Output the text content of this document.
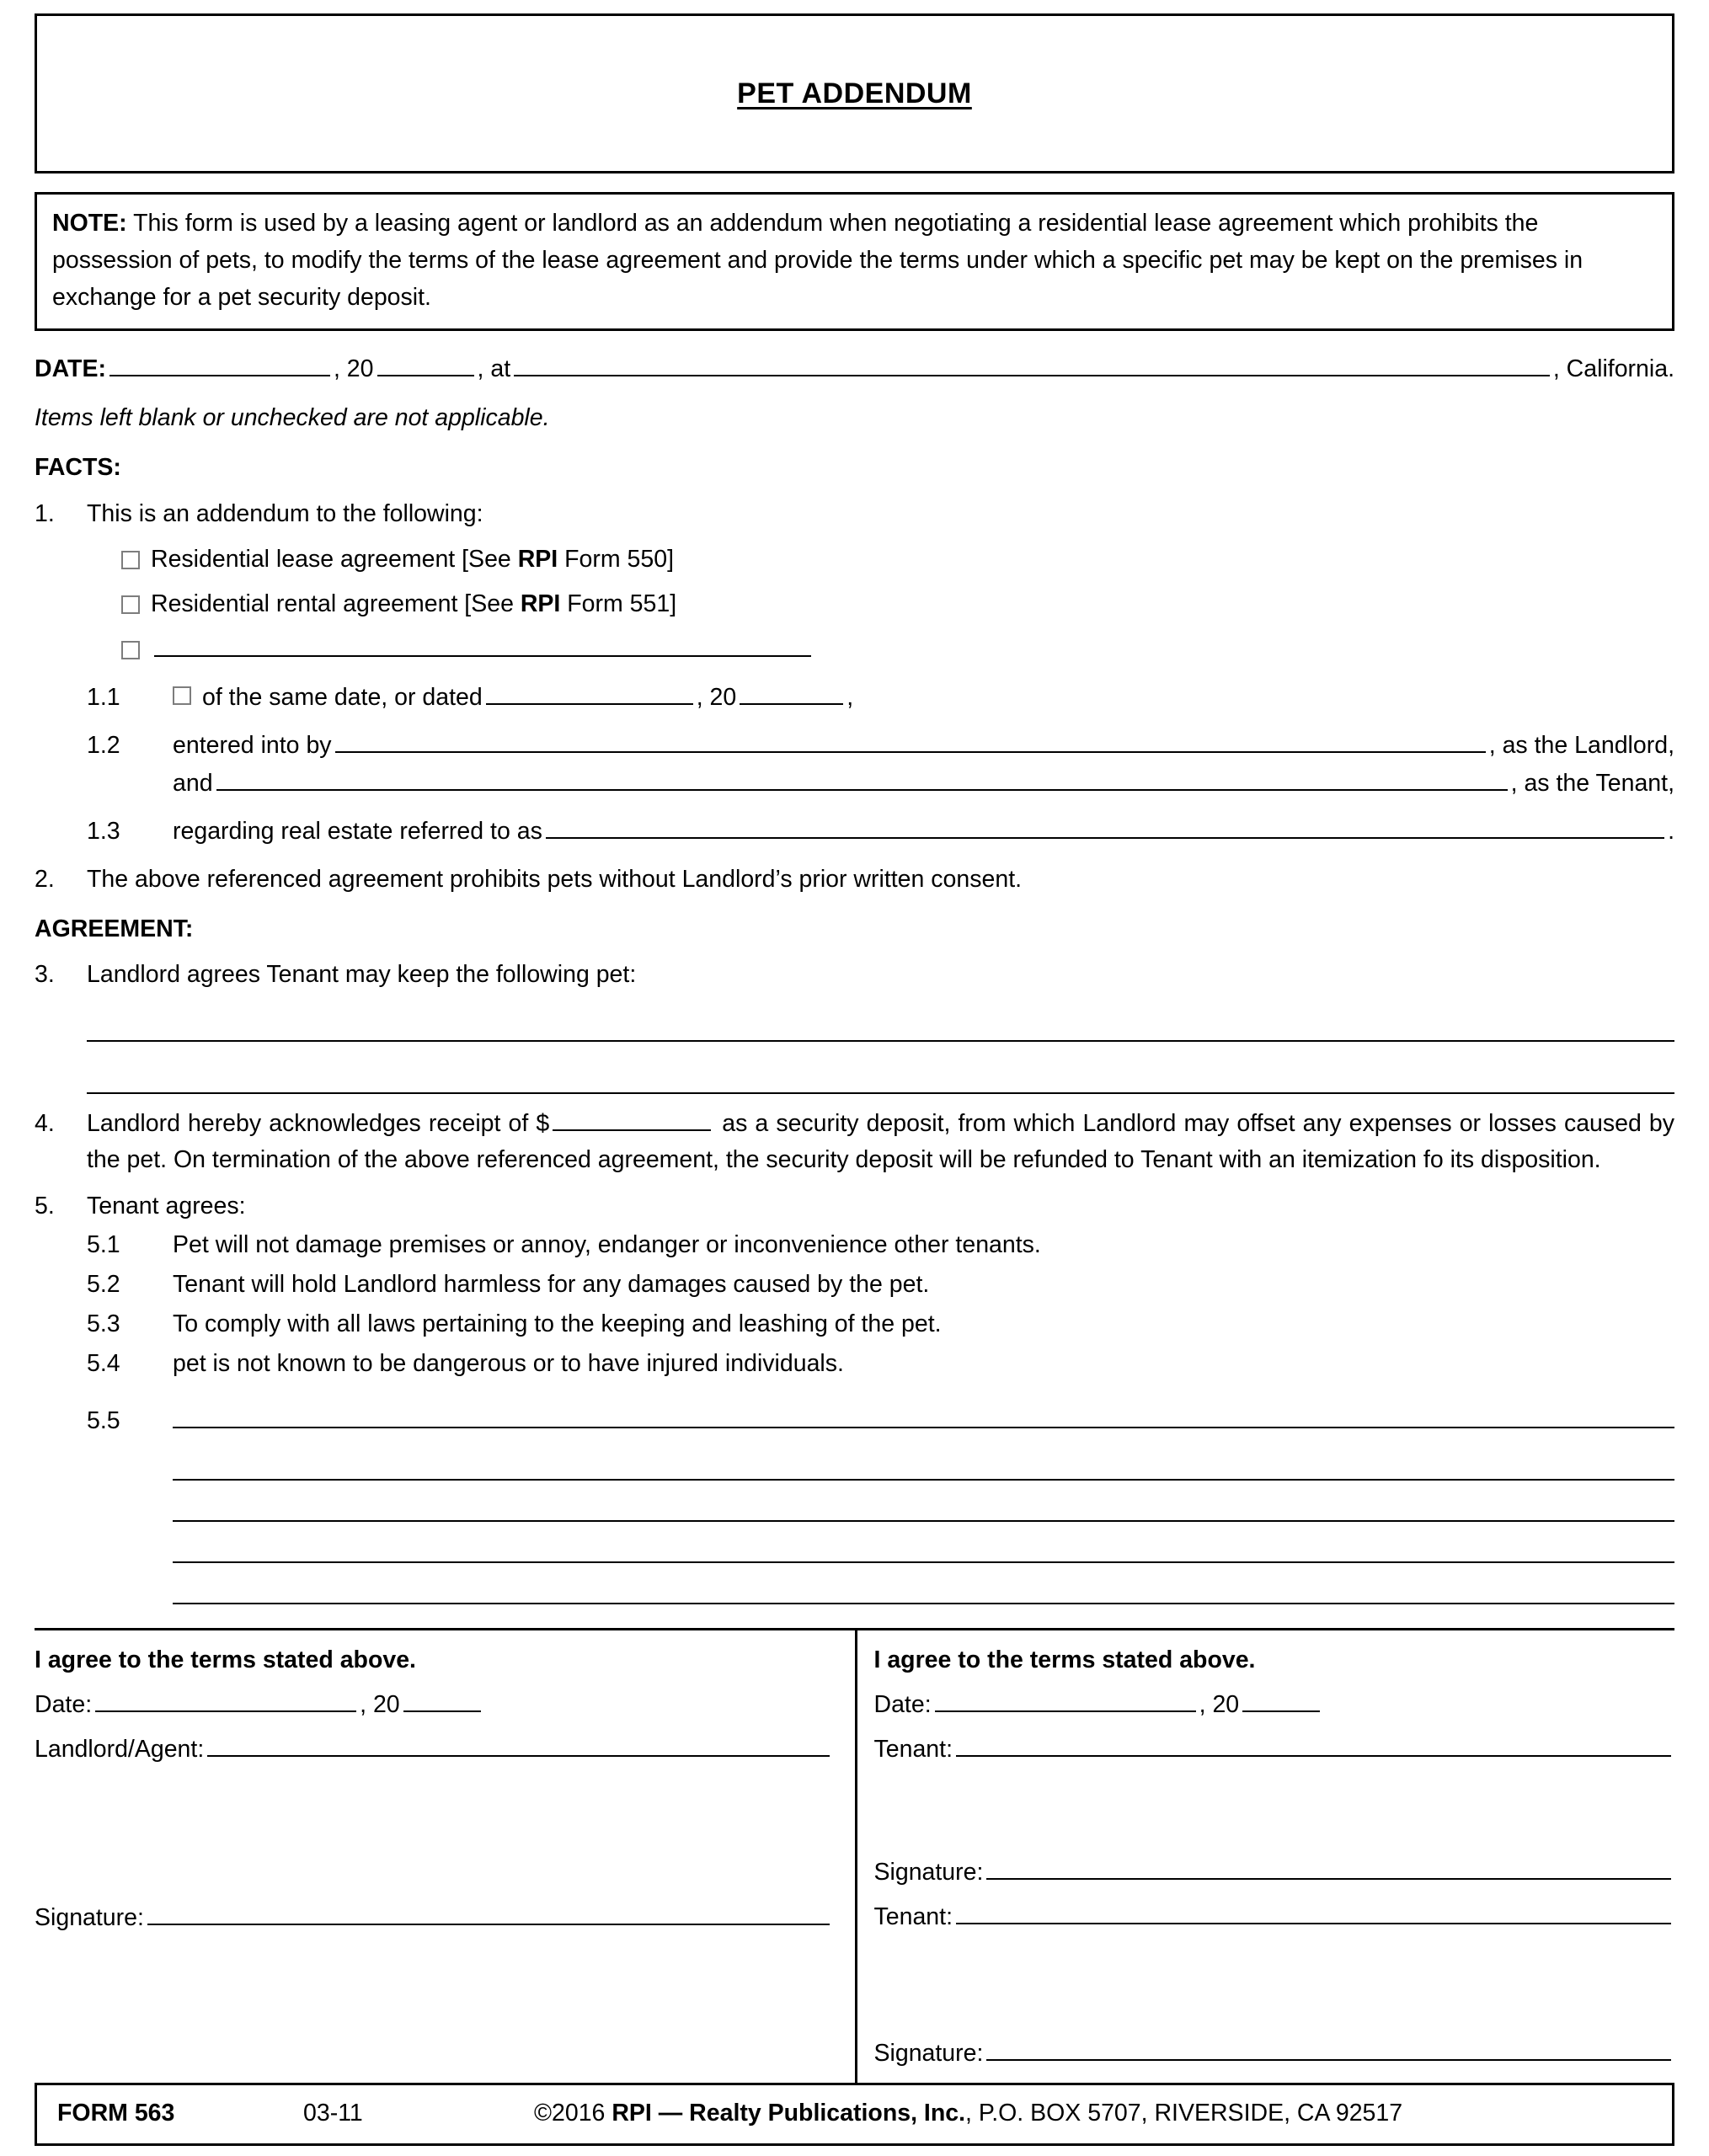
PET ADDENDUM
NOTE: This form is used by a leasing agent or landlord as an addendum when negotiating a residential lease agreement which prohibits the possession of pets, to modify the terms of the lease agreement and provide the terms under which a specific pet may be kept on the premises in exchange for a pet security deposit.
DATE:	, 20	, at	, California.
Items left blank or unchecked are not applicable.
FACTS:
1.	This is an addendum to the following:
Residential lease agreement [See RPI Form 550]
Residential rental agreement [See RPI Form 551]
1.1	of the same date, or dated	, 20	,
1.2	entered into by	, as the Landlord,
and	, as the Tenant,
1.3	regarding real estate referred to as	.
2.	The above referenced agreement prohibits pets without Landlord’s prior written consent.
AGREEMENT:
3.	Landlord agrees Tenant may keep the following pet:
4.	Landlord hereby acknowledges receipt of $	as a security deposit, from which Landlord may offset any expenses or losses caused by the pet. On termination of the above referenced agreement, the security deposit will be refunded to Tenant with an itemization fo its disposition.
5.	Tenant agrees:
5.1	Pet will not damage premises or annoy, endanger or inconvenience other tenants.
5.2	Tenant will hold Landlord harmless for any damages caused by the pet.
5.3	To comply with all laws pertaining to the keeping and leashing of the pet.
5.4	pet is not known to be dangerous or to have injured individuals.
5.5
I agree to the terms stated above.
Date:	, 20
Landlord/Agent:
Signature:
I agree to the terms stated above.
Date:	, 20
Tenant:
Signature:
Tenant:
Signature:
FORM 563	03-11	©2016 RPI — Realty Publications, Inc., P.O. BOX 5707, RIVERSIDE, CA 92517
